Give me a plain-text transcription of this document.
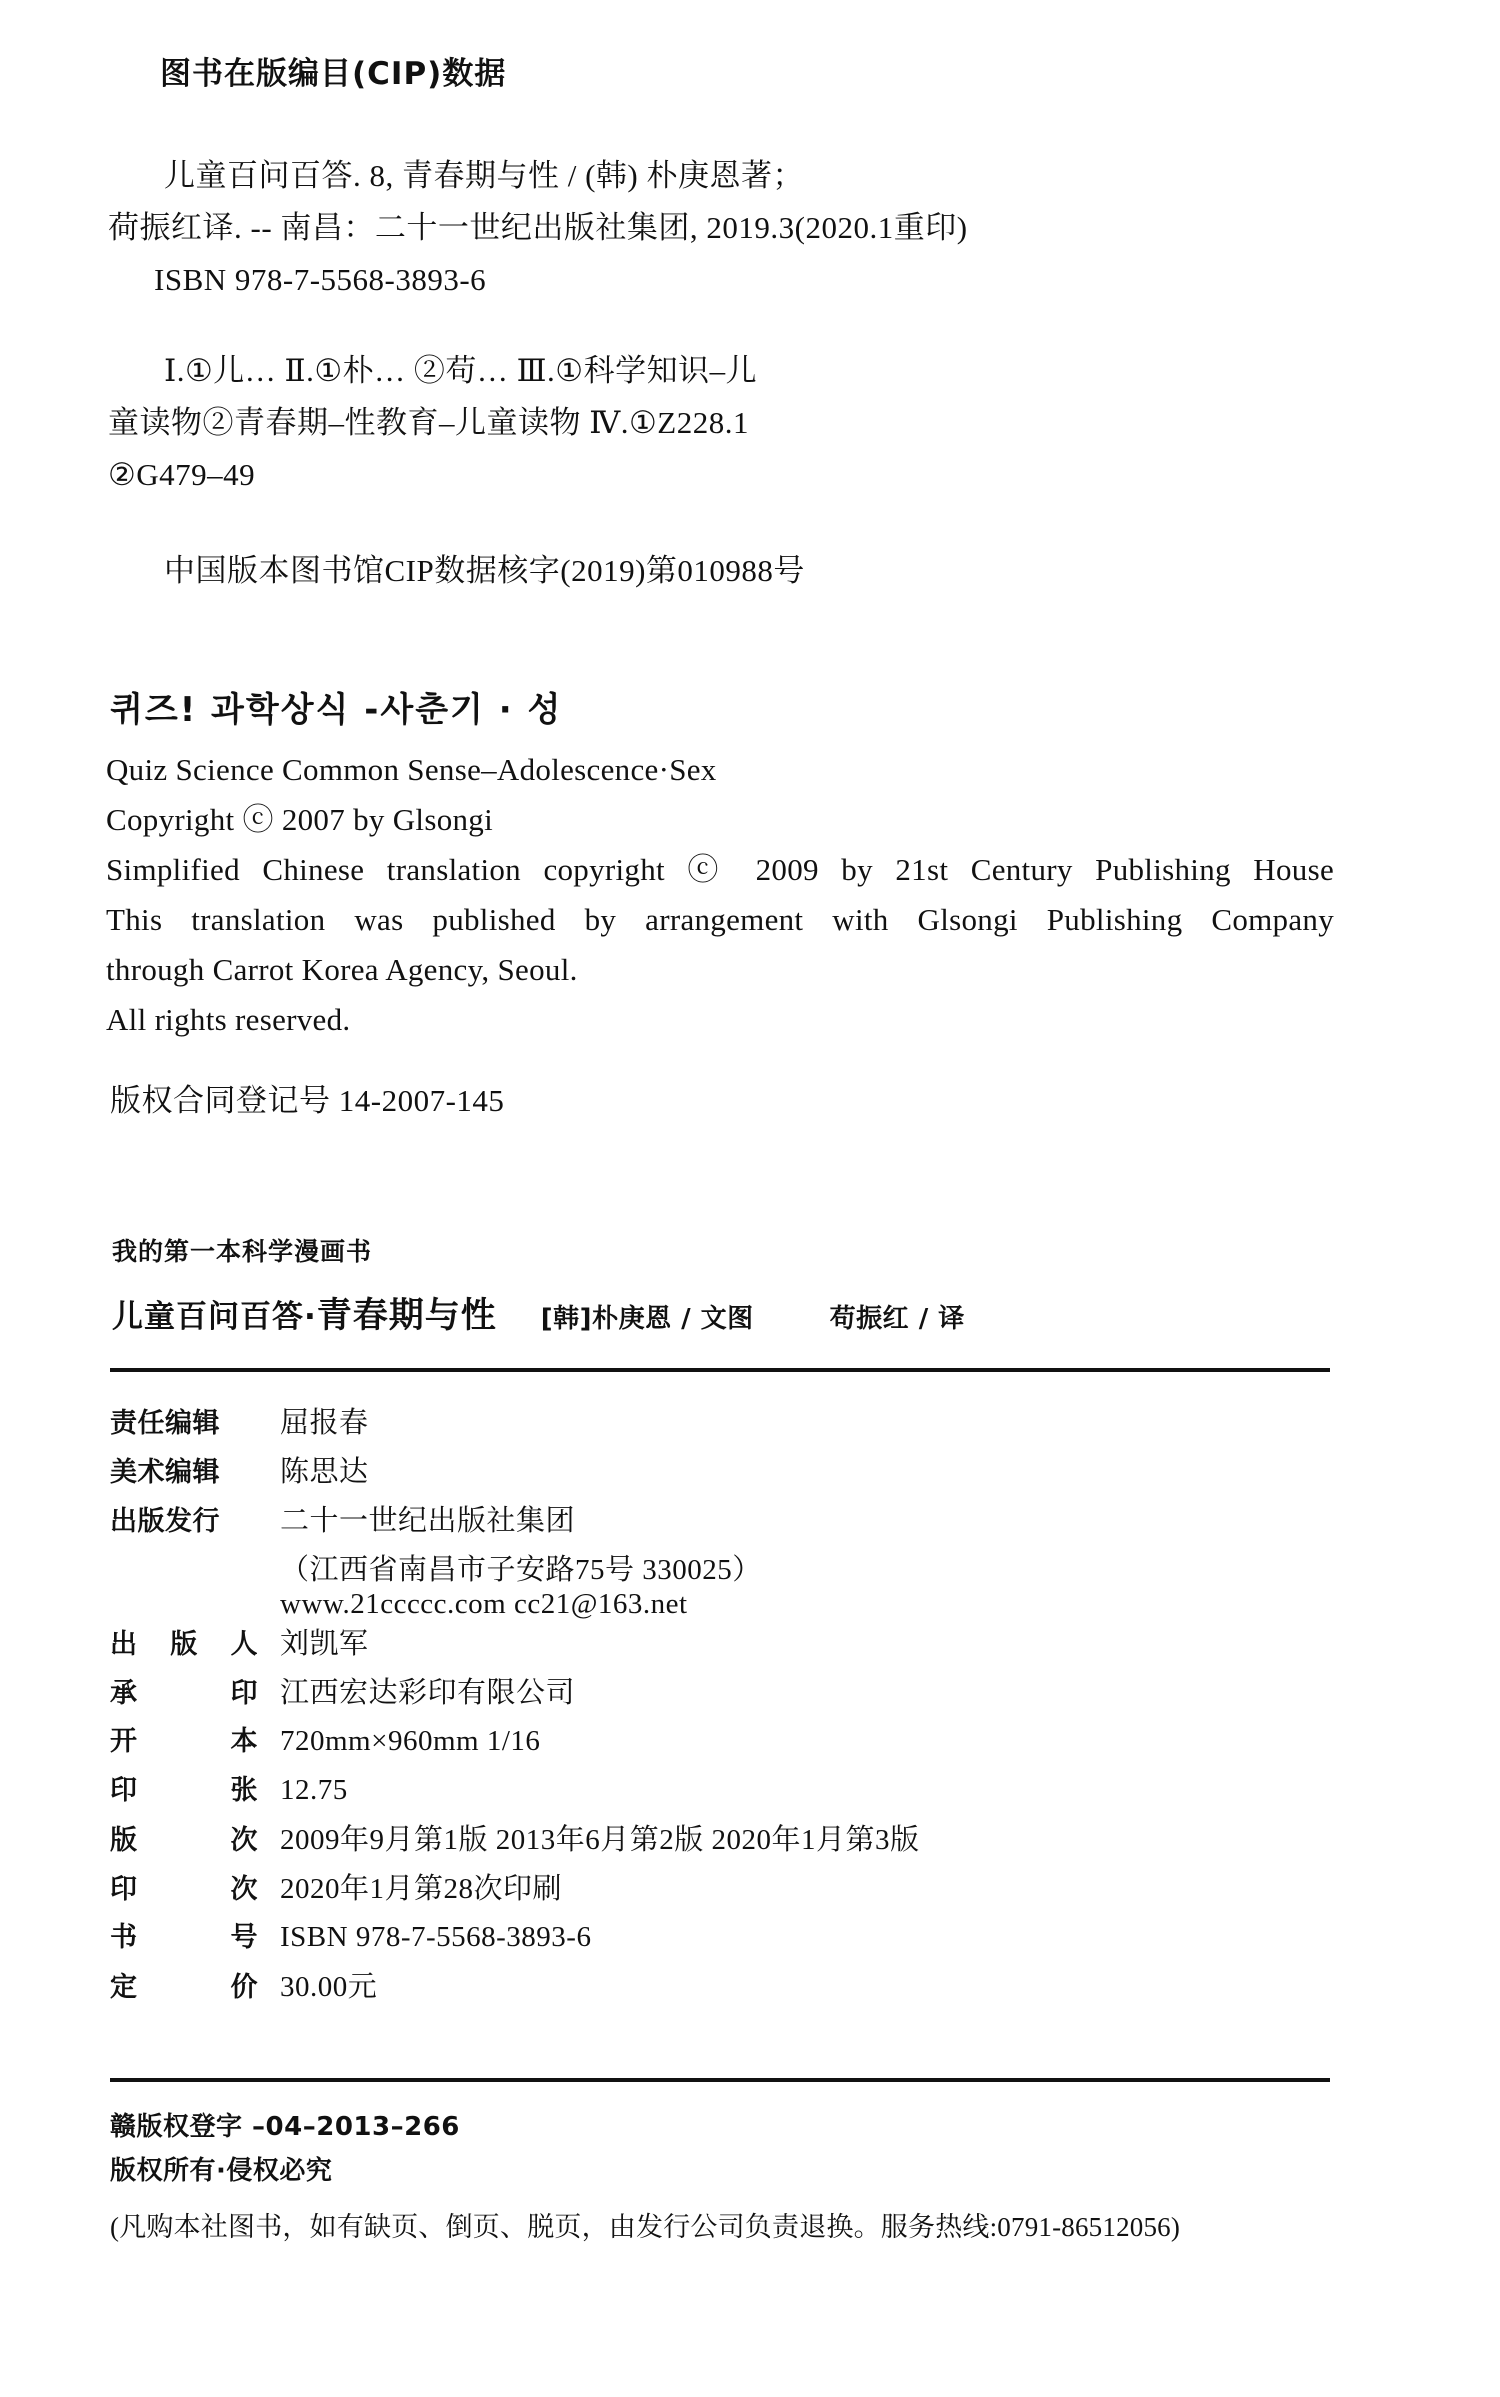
图书在版编目(CIP)数据
儿童百问百答. 8, 青春期与性 / (韩) 朴庚恩著；
荷振红译. -- 南昌：二十一世纪出版社集团, 2019.3(2020.1重印)
ISBN 978-7-5568-3893-6
Ⅰ.①儿… Ⅱ.①朴… ②苟… Ⅲ.①科学知识–儿
童读物②青春期–性教育–儿童读物 Ⅳ.①Z228.1
②G479–49
中国版本图书馆CIP数据核字(2019)第010988号
퀴즈! 과학상식 -사춘기 · 성
Quiz Science Common Sense–Adolescence·Sex
Copyright ⓒ 2007 by Glsongi
Simplified Chinese translation copyright ⓒ 2009 by 21st Century Publishing House
This translation was published by arrangement with Glsongi Publishing Company
through Carrot Korea Agency, Seoul.
All rights reserved.
版权合同登记号 14-2007-145
我的第一本科学漫画书
儿童百问百答· 青春期与性 [韩]朴庚恩 / 文图	苟振红 / 译
责任编辑	屈报春
美术编辑	陈思达
出版发行	二十一世纪出版社集团
（江西省南昌市子安路75号 330025）
www.21ccccc.com cc21@163.net
出 版 人 刘凯军
承	印 江西宏达彩印有限公司
开	本 720mm×960mm 1/16
印	张 12.75
版	次 2009年9月第1版 2013年6月第2版 2020年1月第3版
印	次 2020年1月第28次印刷
书	号 ISBN 978-7-5568-3893-6
定	价 30.00元
赣版权登字 –04–2013–266
版权所有·侵权必究
(凡购本社图书，如有缺页、倒页、脱页，由发行公司负责退换。服务热线:0791-86512056)
